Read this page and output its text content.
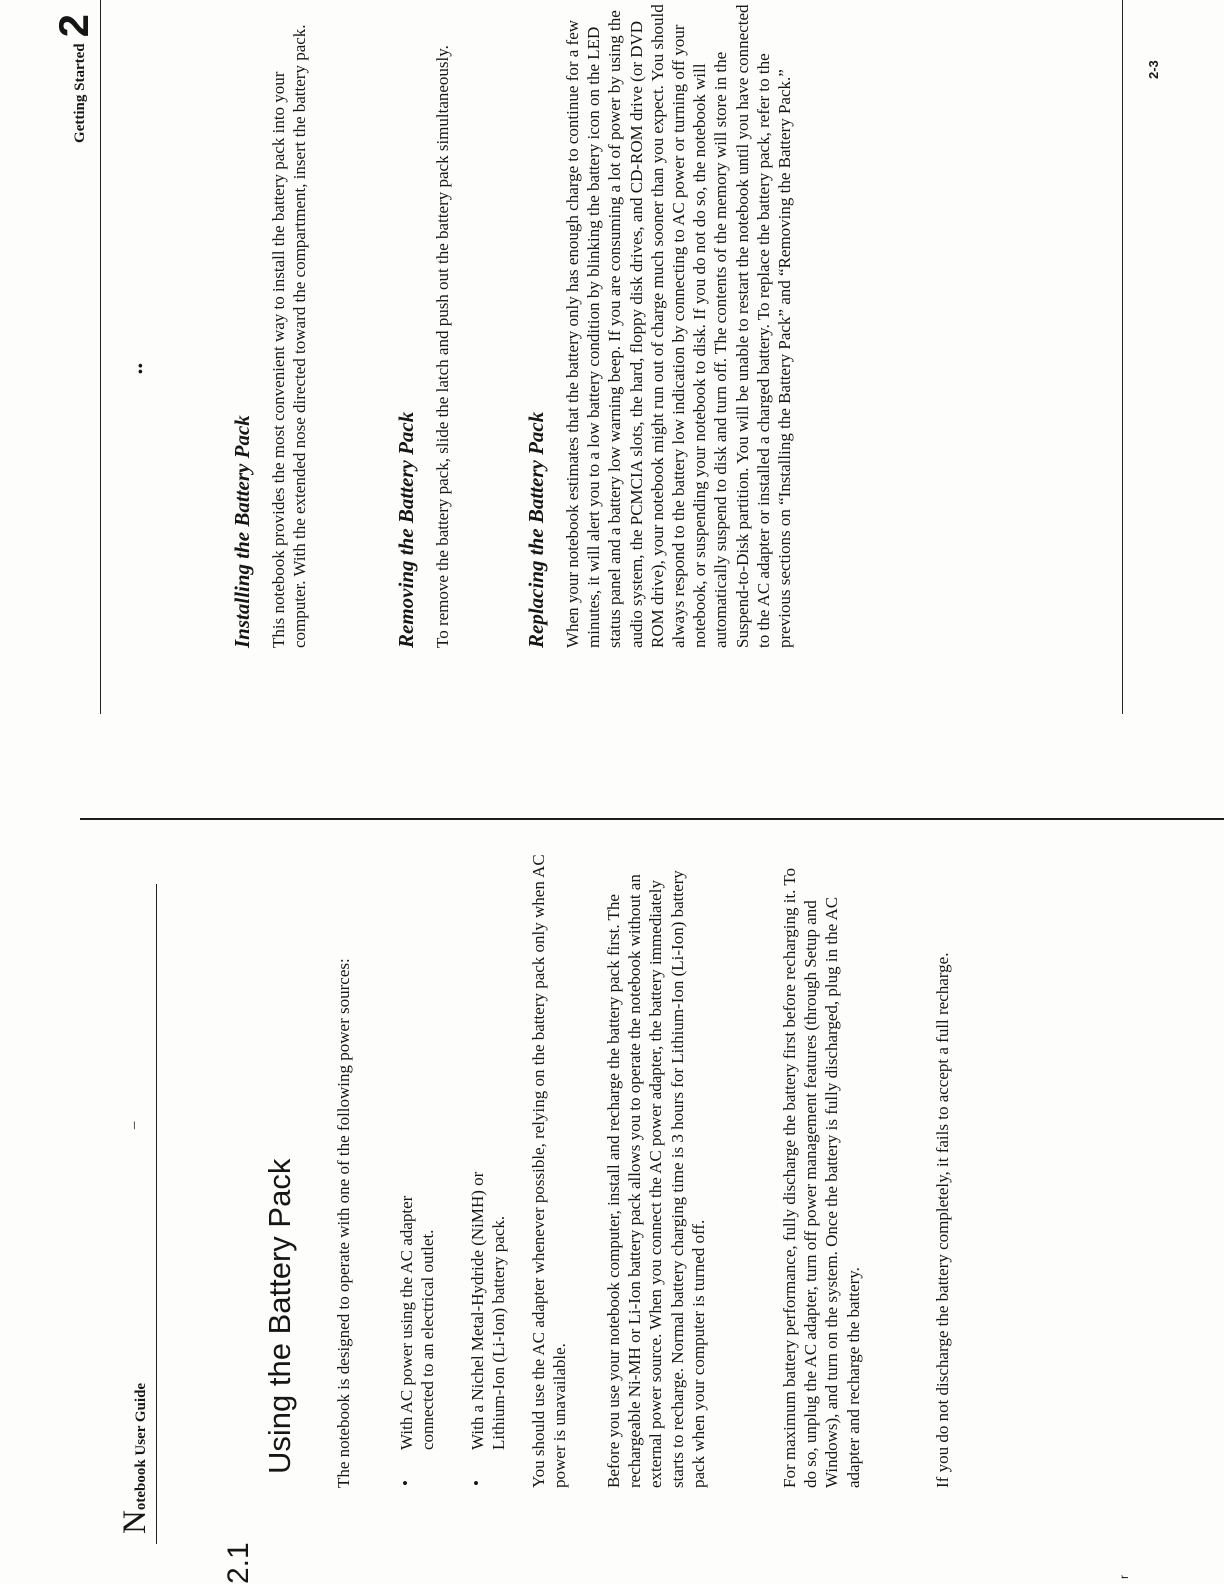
Notebook User Guide
–
2.1
Using the Battery Pack The notebook is designed to operate with one of the following power sources:	•

With AC power using the AC adapter connected to an electrical outlet.

•

With a Nichel Metal-Hydride (NiMH) or Lithium-Ion (Li-Ion) battery pack. You should use the AC adapter whenever possible, relying on the battery pack only when AC power is unavailable. Before you use your notebook computer, install and recharge the battery pack first. The rechargeable Ni-MH or Li-Ion battery pack allows you to operate the notebook without an external power source. When you connect the AC power adapter, the battery immediately starts to recharge. Normal battery charging time is 3 hours for Lithium-Ion (Li-Ion) battery pack when your computer is turned off.	For maximum battery performance, fully discharge the battery first before recharging it. To do so, unplug the AC adapter, turn off power management features (through Setup and Windows), and turn on the system. Once the battery is fully discharged, plug in the AC adapter and recharge the battery.	If you do not discharge the battery completely, it fails to accept a full recharge.

r
Getting Started2
••
Installing the Battery Pack This notebook provides the most convenient way to install the battery pack into your computer. With the extended nose directed toward the compartment, insert the battery pack.	Removing the Battery Pack To remove the battery pack, slide the latch and push out the battery pack simultaneously.	Replacing the Battery Pack When your notebook estimates that the battery only has enough charge to continue for a few minutes, it will alert you to a low battery condition by blinking the battery icon on the LED status panel and a battery low warning beep. If you are consuming a lot of power by using the audio system, the PCMCIA slots, the hard, floppy disk drives, and CD-ROM drive (or DVD ROM drive), your notebook might run out of charge much sooner than you expect. You should always respond to the battery low indication by connecting to AC power or turning off your notebook, or suspending your notebook to disk. If you do not do so, the notebook will automatically suspend to disk and turn off. The contents of the memory will store in the Suspend-to-Disk partition. You will be unable to restart the notebook until you have connected to the AC adapter or installed a charged battery. To replace the battery pack, refer to the previous sections on “Installing the Battery Pack” and “Removing the Battery Pack.”	2-3
